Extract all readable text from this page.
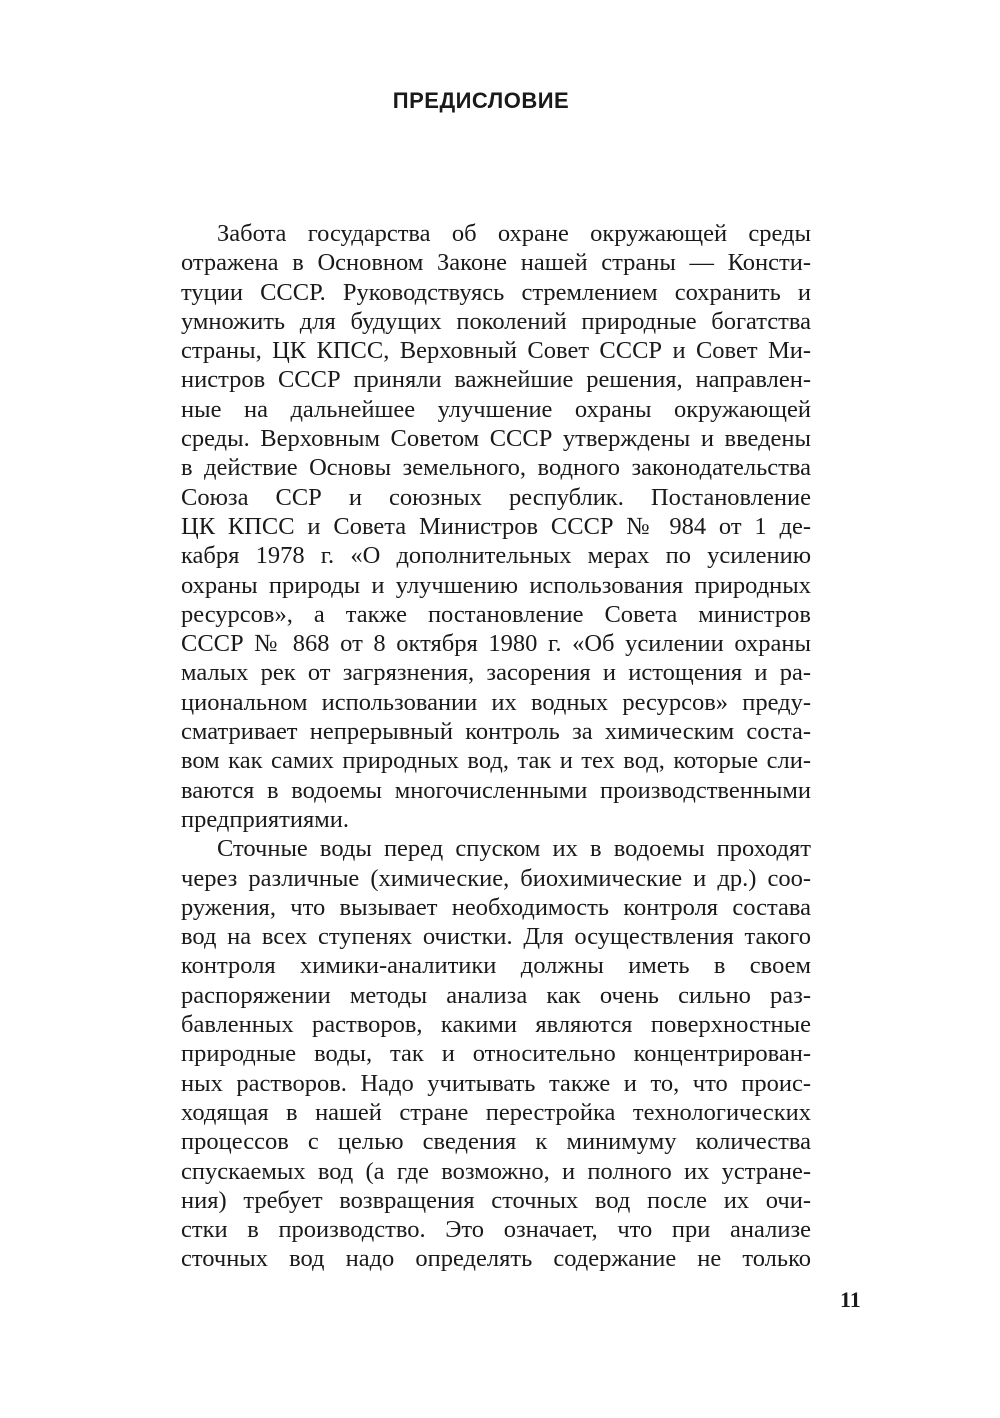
ПРЕДИСЛОВИЕ
Забота государства об охране окружающей среды
отражена в Основном Законе нашей страны — Консти-
туции СССР. Руководствуясь стремлением сохранить и
умножить для будущих поколений природные богатства
страны, ЦК КПСС, Верховный Совет СССР и Совет Ми-
нистров СССР приняли важнейшие решения, направлен-
ные на дальнейшее улучшение охраны окружающей
среды. Верховным Советом СССР утверждены и введены
в действие Основы земельного, водного законодательства
Союза ССР и союзных республик. Постановление
ЦК КПСС и Совета Министров СССР № 984 от 1 де-
кабря 1978 г. «О дополнительных мерах по усилению
охраны природы и улучшению использования природных
ресурсов», а также постановление Совета министров
СССР № 868 от 8 октября 1980 г. «Об усилении охраны
малых рек от загрязнения, засорения и истощения и ра-
циональном использовании их водных ресурсов» преду-
сматривает непрерывный контроль за химическим соста-
вом как самих природных вод, так и тех вод, которые сли-
ваются в водоемы многочисленными производственными
предприятиями.
Сточные воды перед спуском их в водоемы проходят
через различные (химические, биохимические и др.) соо-
ружения, что вызывает необходимость контроля состава
вод на всех ступенях очистки. Для осуществления такого
контроля химики-аналитики должны иметь в своем
распоряжении методы анализа как очень сильно раз-
бавленных растворов, какими являются поверхностные
природные воды, так и относительно концентрирован-
ных растворов. Надо учитывать также и то, что проис-
ходящая в нашей стране перестройка технологических
процессов с целью сведения к минимуму количества
спускаемых вод (а где возможно, и полного их устране-
ния) требует возвращения сточных вод после их очи-
стки в производство. Это означает, что при анализе
сточных вод надо определять содержание не только
11
